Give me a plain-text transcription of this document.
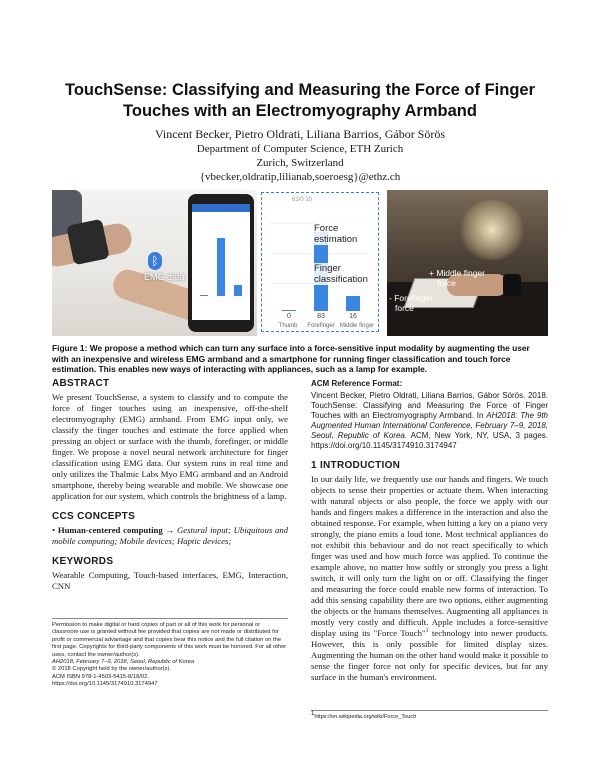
TouchSense: Classifying and Measuring the Force of Finger
Touches with an Electromyography Armband
Vincent Becker, Pietro Oldrati, Liliana Barrios, Gábor Sörös
Department of Computer Science, ETH Zurich
Zurich, Switzerland
{vbecker,oldratip,lilianab,soeroesg}@ethz.ch
ᛒ
EMG data
63/0 10
0	83	16
Thumb	Forefinger Middle finger
Force estimation
Finger classification
+ Middle finger
force
- Forefinger
force
Figure 1: We propose a method which can turn any surface into a force-sensitive input modality by augmenting the user with an inexpensive and wireless EMG armband and a smartphone for running finger classification and touch force estimation. This enables new ways of interacting with appliances, such as a lamp for example.
ABSTRACT

We present TouchSense, a system to classify and to compute the force of finger touches using an inexpensive, off-the-shelf electromyography (EMG) armband. From EMG input only, we classify the finger touches and estimate the force applied when pressing an object or surface with the thumb, forefinger, or middle finger. We propose a novel neural network architecture for finger classification using EMG data. Our system runs in real time and only utilizes the Thalmic Labs Myo EMG armband and an Android smartphone, thereby being wearable and mobile. We showcase one application for our system, which controls the brightness of a lamp.

CCS CONCEPTS

• Human-centered computing → Gestural input; Ubiquitous and mobile computing; Mobile devices; Haptic devices;

KEYWORDS

Wearable Computing, Touch-based interfaces, EMG, Interaction, CNN

Permission to make digital or hard copies of part or all of this work for personal or classroom use is granted without fee provided that copies are not made or distributed for profit or commercial advantage and that copies bear this notice and the full citation on the first page. Copyrights for third-party components of this work must be honored. For all other uses, contact the owner/author(s).
AH2018, February 7–9, 2018, Seoul, Republic of Korea
© 2018 Copyright held by the owner/author(s).
ACM ISBN 978-1-4503-5415-8/18/02.
https://doi.org/10.1145/3174910.3174947
ACM Reference Format:

Vincent Becker, Pietro Oldrati, Liliana Barrios, Gábor Sörös. 2018. TouchSense: Classifying and Measuring the Force of Finger Touches with an Electromyography Armband. In AH2018: The 9th Augmented Human International Conference, February 7–9, 2018, Seoul, Republic of Korea. ACM, New York, NY, USA, 3 pages. https://doi.org/10.1145/3174910.3174947

1 INTRODUCTION

In our daily life, we frequently use our hands and fingers. We touch objects to sense their properties or actuate them. When interacting with natural objects or also people, the force we apply with our hands and fingers makes a difference in the interaction and also the obtained response. For example, when hitting a key on a piano very strongly, the piano emits a loud tone. Most technical appliances do not exhibit this behaviour and do not react specifically to which finger was used and how much force was applied. To continue the example above, no matter how softly or strongly you press a light switch, it will only turn the light on or off. Classifying the finger and measuring the force could enable new forms of interaction. To add this sensing capability there are two options, either augmenting the objects or the humans themselves. Augmenting all appliances is mostly very costly and difficult. Apple includes a force-sensitive display using its "Force Touch"$^1$ technology into newer products. However, this is only possible for limited display sizes. Augmenting the human on the other hand would make it possible to sense the finger force not only for specific devices, but for any surface in the human's environment.

$^1$https://en.wikipedia.org/wiki/Force_Touch
